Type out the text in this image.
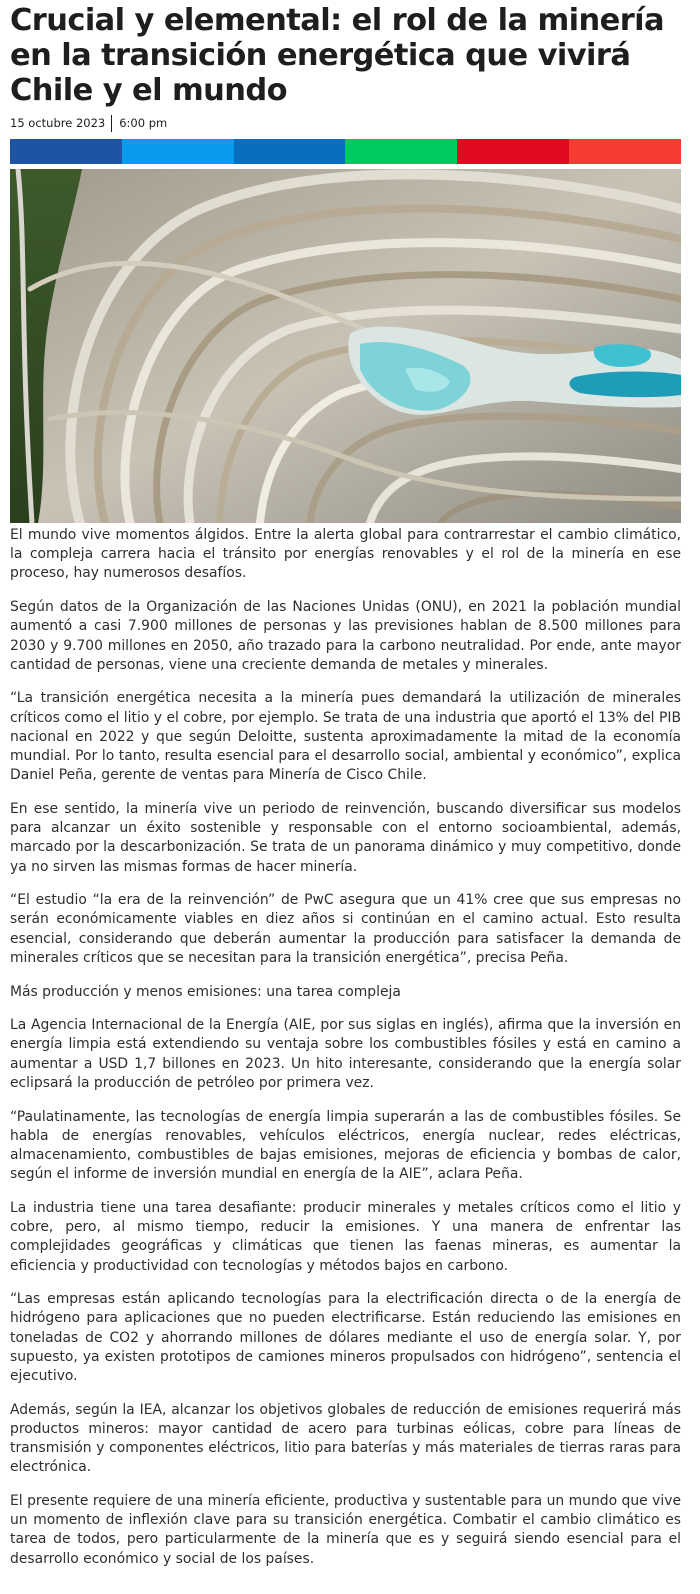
Crucial y elemental: el rol de la minería en la transición energética que vivirá Chile y el mundo
15 octubre 2023 6:00 pm

El mundo vive momentos álgidos. Entre la alerta global para contrarrestar el cambio climático, la compleja carrera hacia el tránsito por energías renovables y el rol de la minería en ese proceso, hay numerosos desafíos.

Según datos de la Organización de las Naciones Unidas (ONU), en 2021 la población mundial aumentó a casi 7.900 millones de personas y las previsiones hablan de 8.500 millones para 2030 y 9.700 millones en 2050, año trazado para la carbono neutralidad. Por ende, ante mayor cantidad de personas, viene una creciente demanda de metales y minerales.

“La transición energética necesita a la minería pues demandará la utilización de minerales críticos como el litio y el cobre, por ejemplo. Se trata de una industria que aportó el 13% del PIB nacional en 2022 y que según Deloitte, sustenta aproximadamente la mitad de la economía mundial. Por lo tanto, resulta esencial para el desarrollo social, ambiental y económico”, explica Daniel Peña, gerente de ventas para Minería de Cisco Chile.

En ese sentido, la minería vive un periodo de reinvención, buscando diversificar sus modelos para alcanzar un éxito sostenible y responsable con el entorno socioambiental, además, marcado por la descarbonización. Se trata de un panorama dinámico y muy competitivo, donde ya no sirven las mismas formas de hacer minería.

“El estudio “la era de la reinvención” de PwC asegura que un 41% cree que sus empresas no serán económicamente viables en diez años si continúan en el camino actual. Esto resulta esencial, considerando que deberán aumentar la producción para satisfacer la demanda de minerales críticos que se necesitan para la transición energética”, precisa Peña.

Más producción y menos emisiones: una tarea compleja

La Agencia Internacional de la Energía (AIE, por sus siglas en inglés), afirma que la inversión en energía limpia está extendiendo su ventaja sobre los combustibles fósiles y está en camino a aumentar a USD 1,7 billones en 2023. Un hito interesante, considerando que la energía solar eclipsará la producción de petróleo por primera vez.

“Paulatinamente, las tecnologías de energía limpia superarán a las de combustibles fósiles. Se habla de energías renovables, vehículos eléctricos, energía nuclear, redes eléctricas, almacenamiento, combustibles de bajas emisiones, mejoras de eficiencia y bombas de calor, según el informe de inversión mundial en energía de la AIE”, aclara Peña.

La industria tiene una tarea desafiante: producir minerales y metales críticos como el litio y cobre, pero, al mismo tiempo, reducir la emisiones. Y una manera de enfrentar las complejidades geográficas y climáticas que tienen las faenas mineras, es aumentar la eficiencia y productividad con tecnologías y métodos bajos en carbono.

“Las empresas están aplicando tecnologías para la electrificación directa o de la energía de hidrógeno para aplicaciones que no pueden electrificarse. Están reduciendo las emisiones en toneladas de CO2 y ahorrando millones de dólares mediante el uso de energía solar. Y, por supuesto, ya existen prototipos de camiones mineros propulsados con hidrógeno”, sentencia el ejecutivo.

Además, según la IEA, alcanzar los objetivos globales de reducción de emisiones requerirá más productos mineros: mayor cantidad de acero para turbinas eólicas, cobre para líneas de transmisión y componentes eléctricos, litio para baterías y más materiales de tierras raras para electrónica.

El presente requiere de una minería eficiente, productiva y sustentable para un mundo que vive un momento de inflexión clave para su transición energética. Combatir el cambio climático es tarea de todos, pero particularmente de la minería que es y seguirá siendo esencial para el desarrollo económico y social de los países.
